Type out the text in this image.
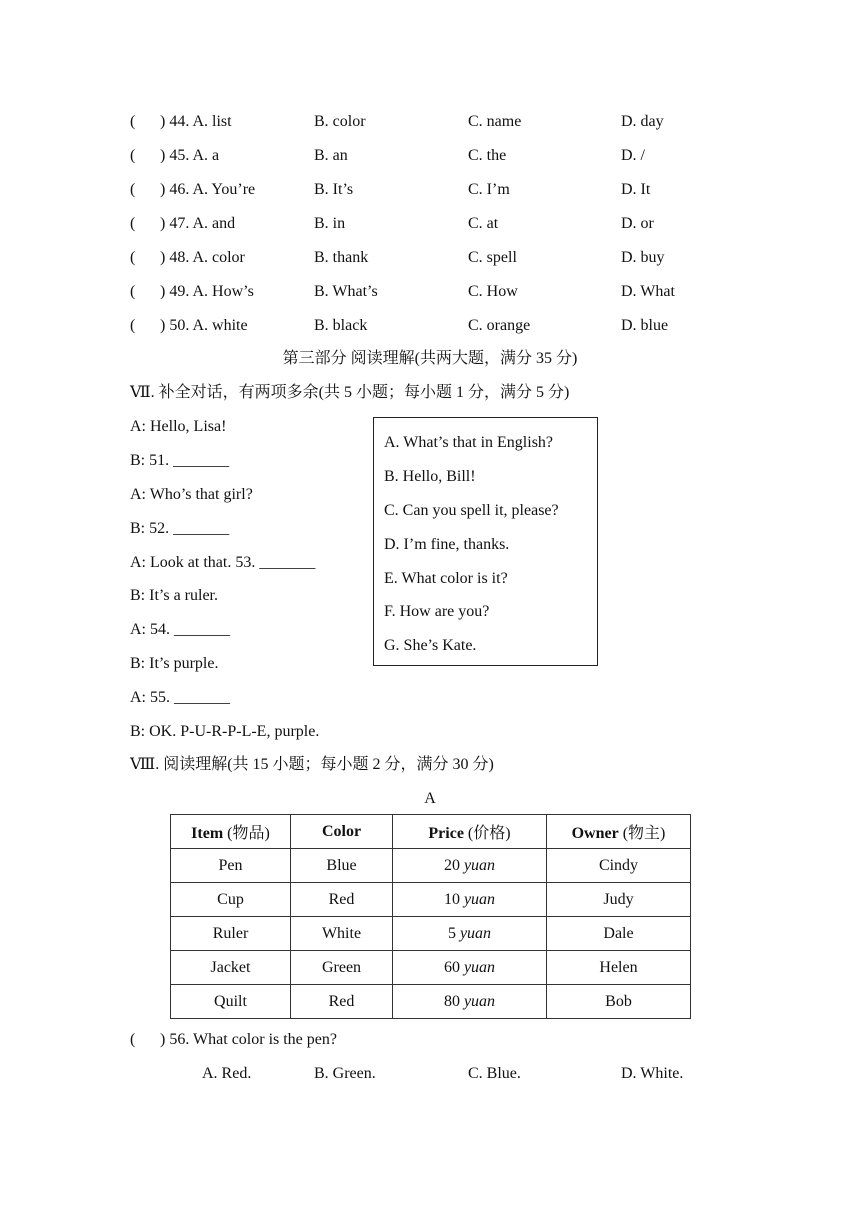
( ) 44. A. list	B. color	C. name	D. day
( ) 45. A. a	B. an	C. the	D. /
( ) 46. A. You’re	B. It’s	C. I’m	D. It
( ) 47. A. and	B. in	C. at	D. or
( ) 48. A. color	B. thank	C. spell	D. buy
( ) 49. A. How’s	B. What’s	C. How	D. What
( ) 50. A. white	B. black	C. orange	D. blue
第三部分 阅读理解(共两大题，满分 35 分)
Ⅶ. 补全对话，有两项多余(共 5 小题；每小题 1 分，满分 5 分)
A: Hello, Lisa!
B: 51. _______
A: Who’s that girl?
B: 52. _______
A: Look at that. 53. _______
B: It’s a ruler.
A: 54. _______
B: It’s purple.
A: 55. _______
B: OK. P-U-R-P-L-E, purple.
A. What’s that in English?
B. Hello, Bill!
C. Can you spell it, please?
D. I’m fine, thanks.
E. What color is it?
F. How are you?
G. She’s Kate.
Ⅷ. 阅读理解(共 15 小题；每小题 2 分，满分 30 分)
A
Item (物品)	Color	Price (价格)	Owner (物主)
Pen	Blue	20 yuan	Cindy
Cup	Red	10 yuan	Judy
Ruler	White	5 yuan	Dale
Jacket	Green	60 yuan	Helen
Quilt	Red	80 yuan	Bob
( ) 56. What color is the pen?
A. Red.	B. Green.	C. Blue.	D. White.
